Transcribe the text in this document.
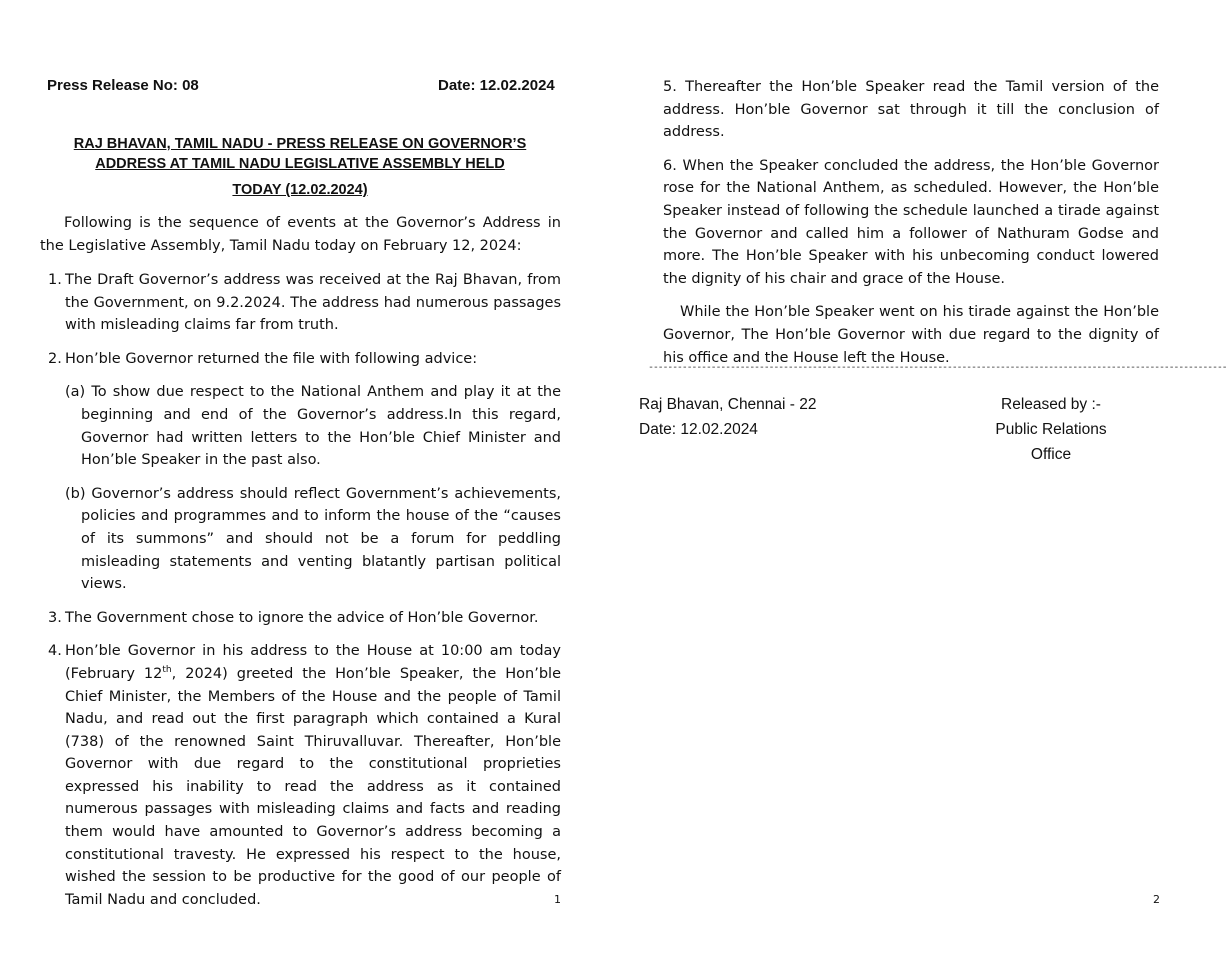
Press Release No: 08	Date: 12.02.2024
RAJ BHAVAN, TAMIL NADU - PRESS RELEASE ON GOVERNOR’S
ADDRESS AT TAMIL NADU LEGISLATIVE ASSEMBLY HELD
TODAY (12.02.2024)
Following is the sequence of events at the Governor’s Address in the Legislative Assembly, Tamil Nadu today on February 12, 2024:
1. The Draft Governor’s address was received at the Raj Bhavan, from the Government, on 9.2.2024. The address had numerous passages with misleading claims far from truth.
2. Hon’ble Governor returned the file with following advice:
(a) To show due respect to the National Anthem and play it at the beginning and end of the Governor’s address.In this regard, Governor had written letters to the Hon’ble Chief Minister and Hon’ble Speaker in the past also.
(b) Governor’s address should reflect Government’s achievements, policies and programmes and to inform the house of the “causes of its summons” and should not be a forum for peddling misleading statements and venting blatantly partisan political views.
3. The Government chose to ignore the advice of Hon’ble Governor.
4. Hon’ble Governor in his address to the House at 10:00 am today (February 12th, 2024) greeted the Hon’ble Speaker, the Hon’ble Chief Minister, the Members of the House and the people of Tamil Nadu, and read out the first paragraph which contained a Kural (738) of the renowned Saint Thiruvalluvar. Thereafter, Hon’ble Governor with due regard to the constitutional proprieties expressed his inability to read the address as it contained numerous passages with misleading claims and facts and reading them would have amounted to Governor’s address becoming a constitutional travesty. He expressed his respect to the house, wished the session to be productive for the good of our people of Tamil Nadu and concluded.	1
5. Thereafter the Hon’ble Speaker read the Tamil version of the address. Hon’ble Governor sat through it till the conclusion of address.
6. When the Speaker concluded the address, the Hon’ble Governor rose for the National Anthem, as scheduled. However, the Hon’ble Speaker instead of following the schedule launched a tirade against the Governor and called him a follower of Nathuram Godse and more. The Hon’ble Speaker with his unbecoming conduct lowered the dignity of his chair and grace of the House.
While the Hon’ble Speaker went on his tirade against the Hon’ble Governor, The Hon’ble Governor with due regard to the dignity of his office and the House left the House.
------------------------------------------------------------------------------------------------------------------------
Raj Bhavan, Chennai - 22
Date: 12.02.2024
Released by :-
Public Relations Office
2
